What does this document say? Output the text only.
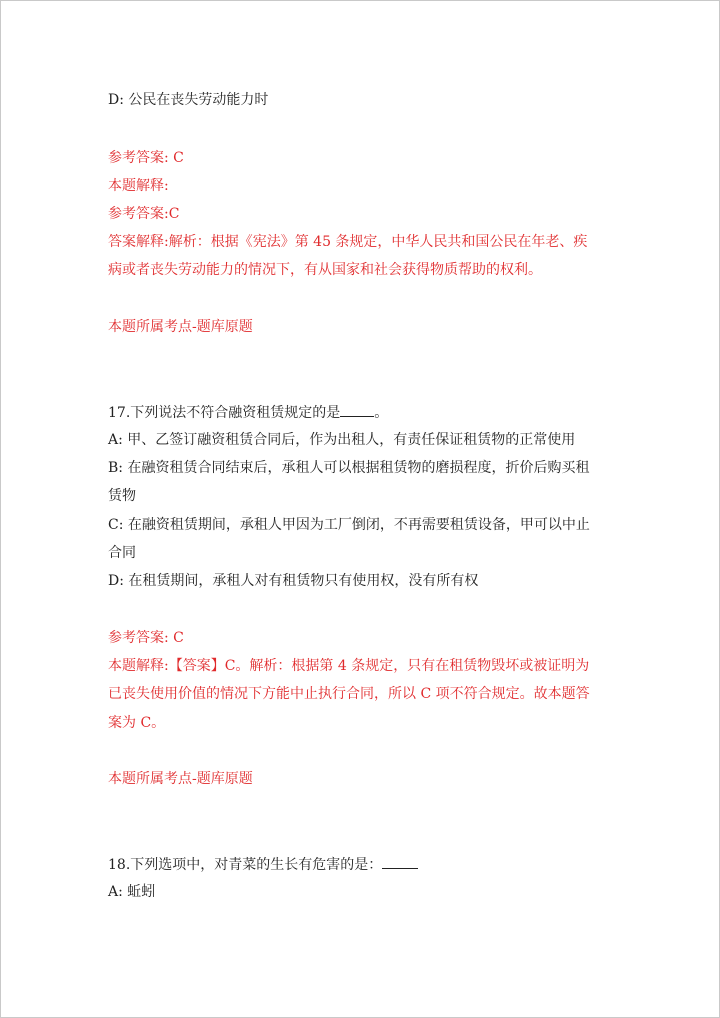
D: 公民在丧失劳动能力时
参考答案: C
本题解释:
参考答案:C
答案解释:解析：根据《宪法》第 45 条规定，中华人民共和国公民在年老、疾
病或者丧失劳动能力的情况下，有从国家和社会获得物质帮助的权利。
本题所属考点-题库原题
17.下列说法不符合融资租赁规定的是 。
A: 甲、乙签订融资租赁合同后，作为出租人，有责任保证租赁物的正常使用
B: 在融资租赁合同结束后，承租人可以根据租赁物的磨损程度，折价后购买租
赁物
C: 在融资租赁期间，承租人甲因为工厂倒闭，不再需要租赁设备，甲可以中止
合同
D: 在租赁期间，承租人对有租赁物只有使用权，没有所有权
参考答案: C
本题解释:【答案】C。解析：根据第 4 条规定，只有在租赁物毁坏或被证明为
已丧失使用价值的情况下方能中止执行合同，所以 C 项不符合规定。故本题答
案为 C。
本题所属考点-题库原题
18.下列选项中，对青菜的生长有危害的是：
A: 蚯蚓
